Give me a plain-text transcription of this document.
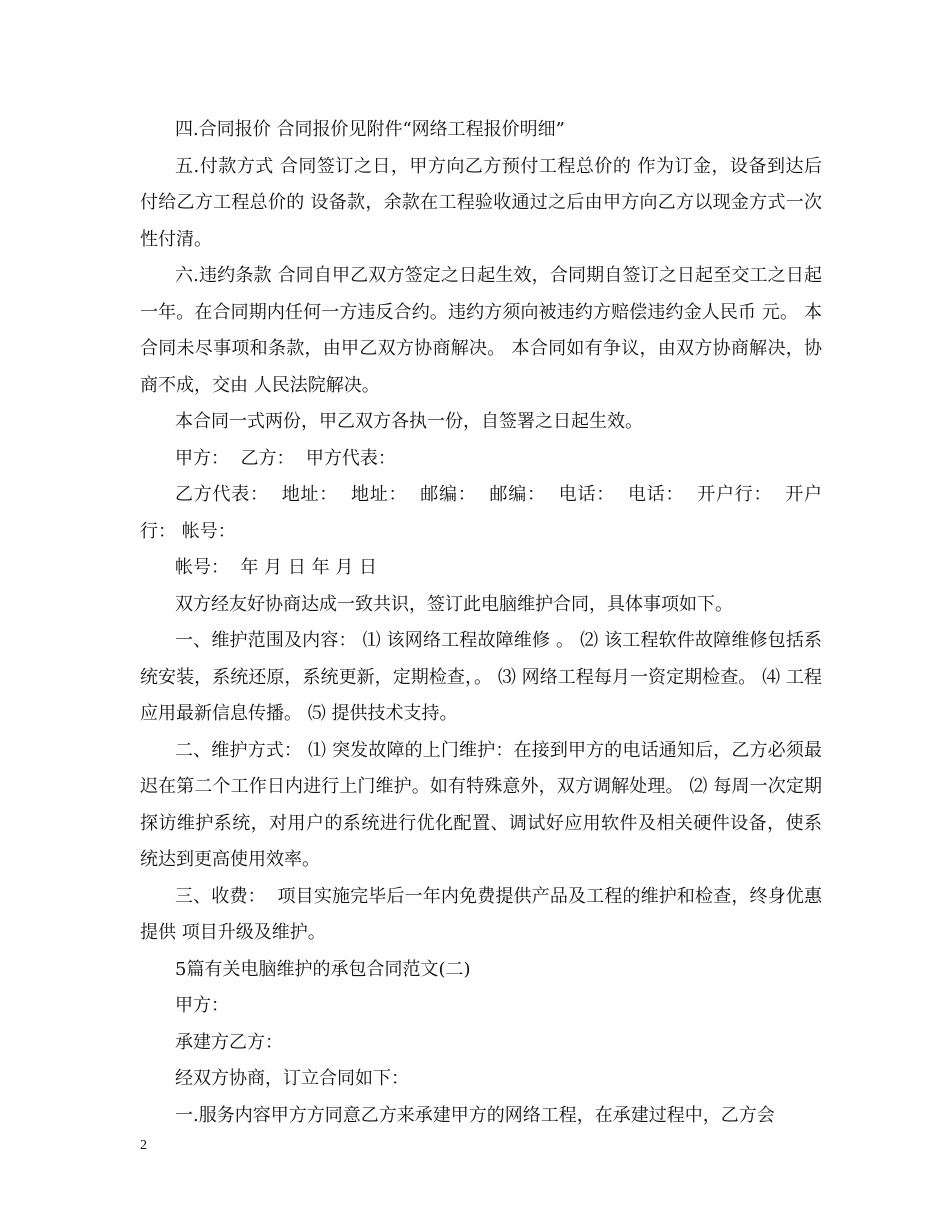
四.合同报价 合同报价见附件“网络工程报价明细”

五.付款方式 合同签订之日，甲方向乙方预付工程总价的 作为订金，设备到达后付给乙方工程总价的 设备款，余款在工程验收通过之后由甲方向乙方以现金方式一次性付清。

六.违约条款 合同自甲乙双方签定之日起生效，合同期自签订之日起至交工之日起一年。在合同期内任何一方违反合约。违约方须向被违约方赔偿违约金人民币 元。 本合同未尽事项和条款，由甲乙双方协商解决。 本合同如有争议，由双方协商解决，协商不成，交由 人民法院解决。

本合同一式两份，甲乙双方各执一份，自签署之日起生效。

甲方：  乙方：  甲方代表：

乙方代表：  地址：  地址：  邮编：  邮编：  电话：  电话：  开户行：  开户行： 帐号：

帐号：  年 月 日 年 月 日

双方经友好协商达成一致共识，签订此电脑维护合同，具体事项如下。

一、维护范围及内容： ⑴ 该网络工程故障维修 。 ⑵ 该工程软件故障维修包括系统安装，系统还原，系统更新，定期检查，。 ⑶ 网络工程每月一资定期检查。 ⑷ 工程应用最新信息传播。 ⑸ 提供技术支持。

二、维护方式： ⑴ 突发故障的上门维护：在接到甲方的电话通知后，乙方必须最迟在第二个工作日内进行上门维护。如有特殊意外，双方调解处理。 ⑵ 每周一次定期探访维护系统，对用户的系统进行优化配置、调试好应用软件及相关硬件设备，使系统达到更高使用效率。

三、收费：  项目实施完毕后一年内免费提供产品及工程的维护和检查，终身优惠提供 项目升级及维护。

5篇有关电脑维护的承包合同范文(二)

甲方：

承建方乙方：

经双方协商，订立合同如下：

一.服务内容甲方方同意乙方来承建甲方的网络工程，在承建过程中，乙方会

2
